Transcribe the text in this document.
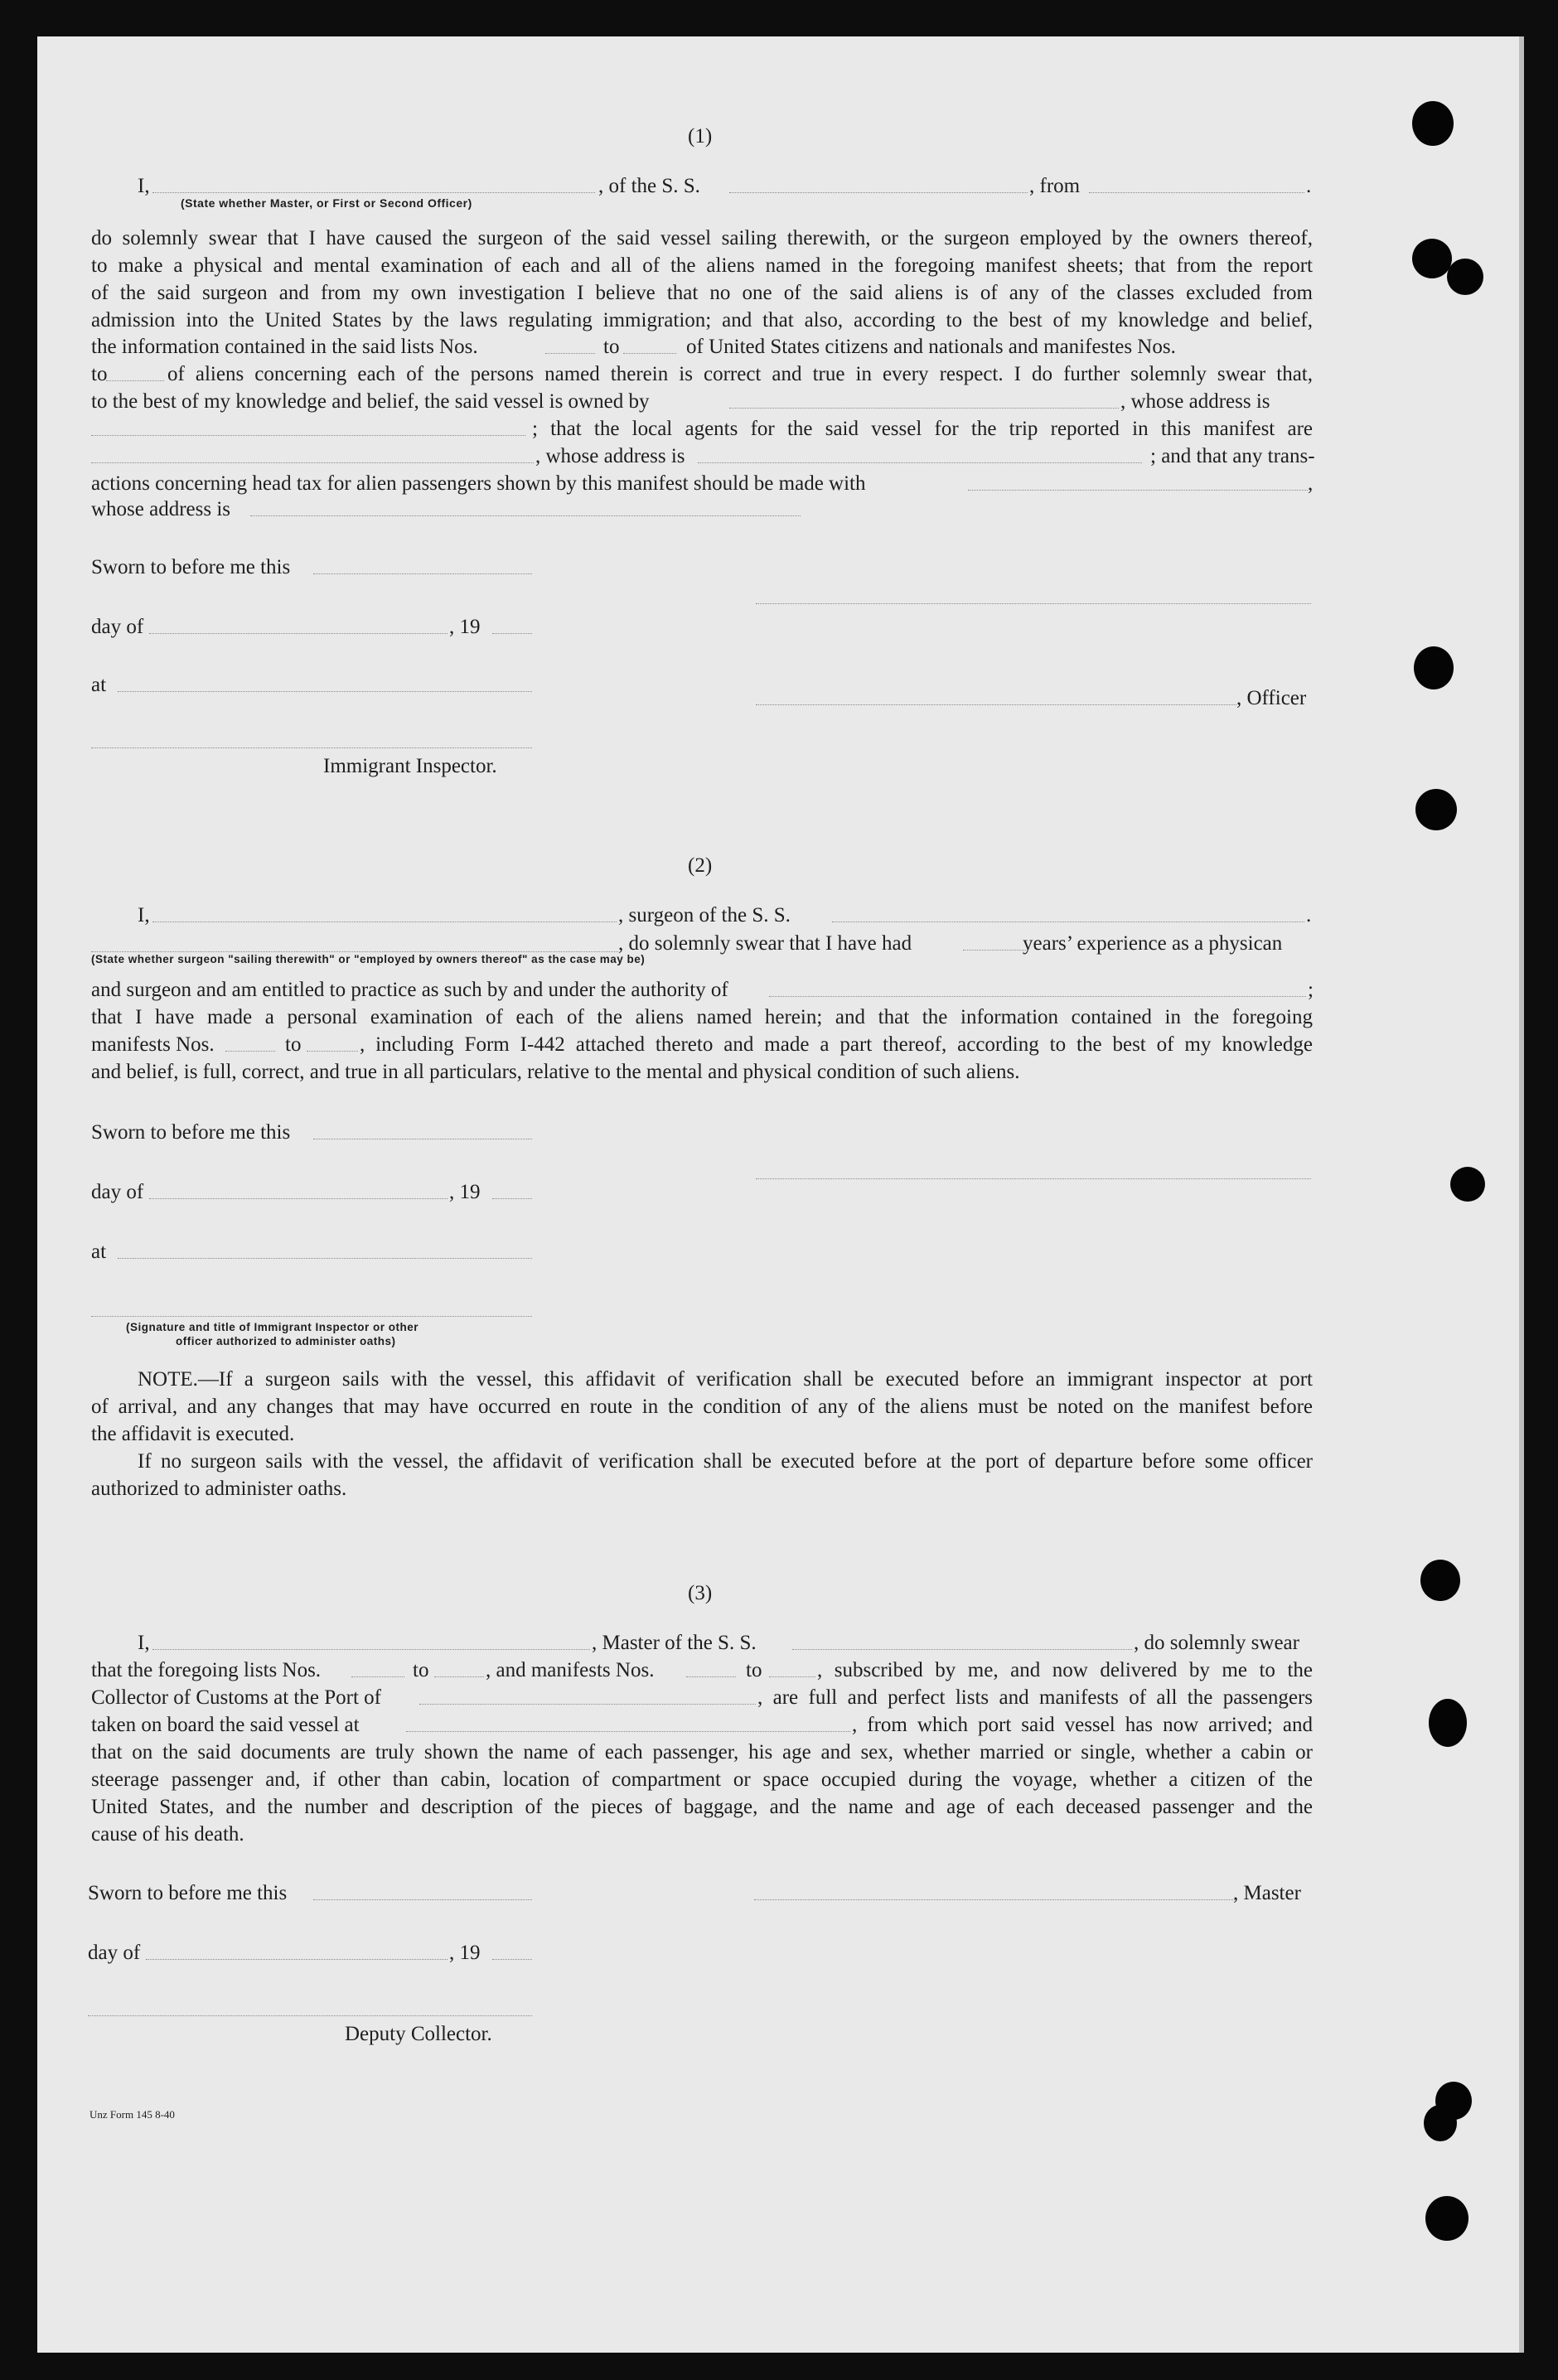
(1)
I,	, of the S. S.	, from	.
(State whether Master, or First or Second Officer)
do solemnly swear that I have caused the surgeon of the said vessel sailing therewith, or the surgeon employed by the owners thereof,
to make a physical and mental examination of each and all of the aliens named in the foregoing manifest sheets; that from the report
of the said surgeon and from my own investigation I believe that no one of the said aliens is of any of the classes excluded from
admission into the United States by the laws regulating immigration; and that also, according to the best of my knowledge and belief,
the information contained in the said lists Nos.	to	of United States citizens and nationals and manifestes Nos.
to	of aliens concerning each of the persons named therein is correct and true in every respect. I do further solemnly swear that,
to the best of my knowledge and belief, the said vessel is owned by	, whose address is
; that the local agents for the said vessel for the trip reported in this manifest are
, whose address is	; and that any trans-
actions concerning head tax for alien passengers shown by this manifest should be made with	,
whose address is
Sworn to before me this
day of	, 19
at
, Officer
Immigrant Inspector.
(2)
I,	, surgeon of the S. S.	.
, do solemnly swear that I have had	years’ experience as a physican
(State whether surgeon "sailing therewith" or "employed by owners thereof" as the case may be)
and surgeon and am entitled to practice as such by and under the authority of	;
that I have made a personal examination of each of the aliens named herein; and that the information contained in the foregoing
manifests Nos.	to	, including Form I-442 attached thereto and made a part thereof, according to the best of my knowledge
and belief, is full, correct, and true in all particulars, relative to the mental and physical condition of such aliens.
Sworn to before me this
day of	, 19
at
(Signature and title of Immigrant Inspector or other
officer authorized to administer oaths)
NOTE.—If a surgeon sails with the vessel, this affidavit of verification shall be executed before an immigrant inspector at port
of arrival, and any changes that may have occurred en route in the condition of any of the aliens must be noted on the manifest before
the affidavit is executed.
If no surgeon sails with the vessel, the affidavit of verification shall be executed before at the port of departure before some officer
authorized to administer oaths.
(3)
I,	, Master of the S. S.	, do solemnly swear
that the foregoing lists Nos.	to	, and manifests Nos.	to	, subscribed by me, and now delivered by me to the
Collector of Customs at the Port of	, are full and perfect lists and manifests of all the passengers
taken on board the said vessel at	, from which port said vessel has now arrived; and
that on the said documents are truly shown the name of each passenger, his age and sex, whether married or single, whether a cabin or
steerage passenger and, if other than cabin, location of compartment or space occupied during the voyage, whether a citizen of the
United States, and the number and description of the pieces of baggage, and the name and age of each deceased passenger and the
cause of his death.
Sworn to before me this	, Master
day of	, 19
Deputy Collector.
Unz Form 145 8-40
